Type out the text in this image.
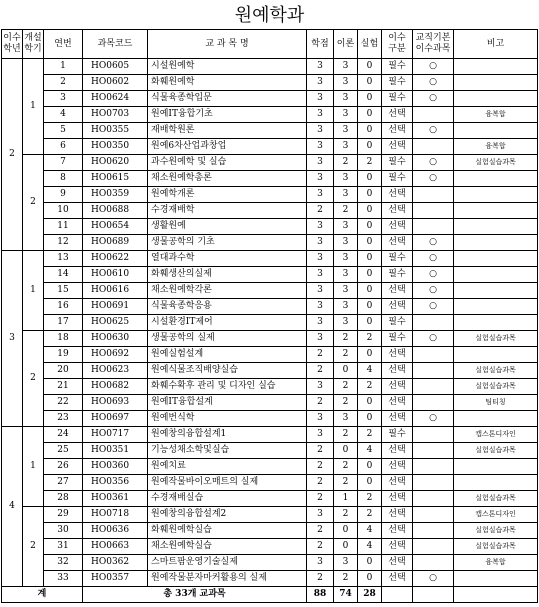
원예학과
이수
학년	개설
학기	연번	과목코드	교 과 목 명	학점	이론	실험	이수
구분	교직기본
이수과목	비고
2	1	1	HO0605	시설원예학	3	3	0	필수	○	
		2	HO0602	화훼원예학	3	3	0	필수	○	
		3	HO0624	식물육종학입문	3	3	0	필수	○	
		4	HO0703	원예IT융합기초	3	3	0	선택		융복합
		5	HO0355	재배학원론	3	3	0	선택	○	
		6	HO0350	원예6차산업과창업	3	3	0	선택		융복합
	2	7	HO0620	과수원예학 및 실습	3	2	2	필수	○	실험실습과목
		8	HO0615	채소원예학총론	3	3	0	필수	○	
		9	HO0359	원예학개론	3	3	0	선택		
		10	HO0688	수경재배학	2	2	0	선택		
		11	HO0654	생활원예	3	3	0	선택		
		12	HO0689	생물공학의 기초	3	3	0	선택	○	
3	1	13	HO0622	열대과수학	3	3	0	필수	○	
		14	HO0610	화훼생산의실제	3	3	0	필수	○	
		15	HO0616	채소원예학각론	3	3	0	선택	○	
		16	HO0691	식물육종학응용	3	3	0	선택	○	
		17	HO0625	시설환경IT제어	3	3	0	필수		
	2	18	HO0630	생물공학의 실제	3	2	2	필수	○	실험실습과목
		19	HO0692	원예실험설계	2	2	0	선택		
		20	HO0623	원예식물조직배양실습	2	0	4	선택		실험실습과목
		21	HO0682	화훼수확후 관리 및 디자인 실습	3	2	2	선택		실험실습과목
		22	HO0693	원예IT융합설계	2	2	0	선택		팀티칭
		23	HO0697	원예번식학	3	3	0	선택	○	
4	1	24	HO0717	원예창의융합설계1	3	2	2	필수		캡스톤디자인
		25	HO0351	기능성채소학및실습	2	0	4	선택		실험실습과목
		26	HO0360	원예치료	2	2	0	선택		
		27	HO0356	원예작물바이오매트의 실제	2	2	0	선택		
		28	HO0361	수경재배실습	2	1	2	선택		실험실습과목
	2	29	HO0718	원예창의융합설계2	3	2	2	선택		캡스톤디자인
		30	HO0636	화훼원예학실습	2	0	4	선택		실험실습과목
		31	HO0663	채소원예학실습	2	0	4	선택		실험실습과목
		32	HO0362	스마트팜운영기술실제	3	3	0	선택		융복합
		33	HO0357	원예작물분자마커활용의 실제	2	2	0	선택	○	
계			총 33개 교과목		88	74	28			
